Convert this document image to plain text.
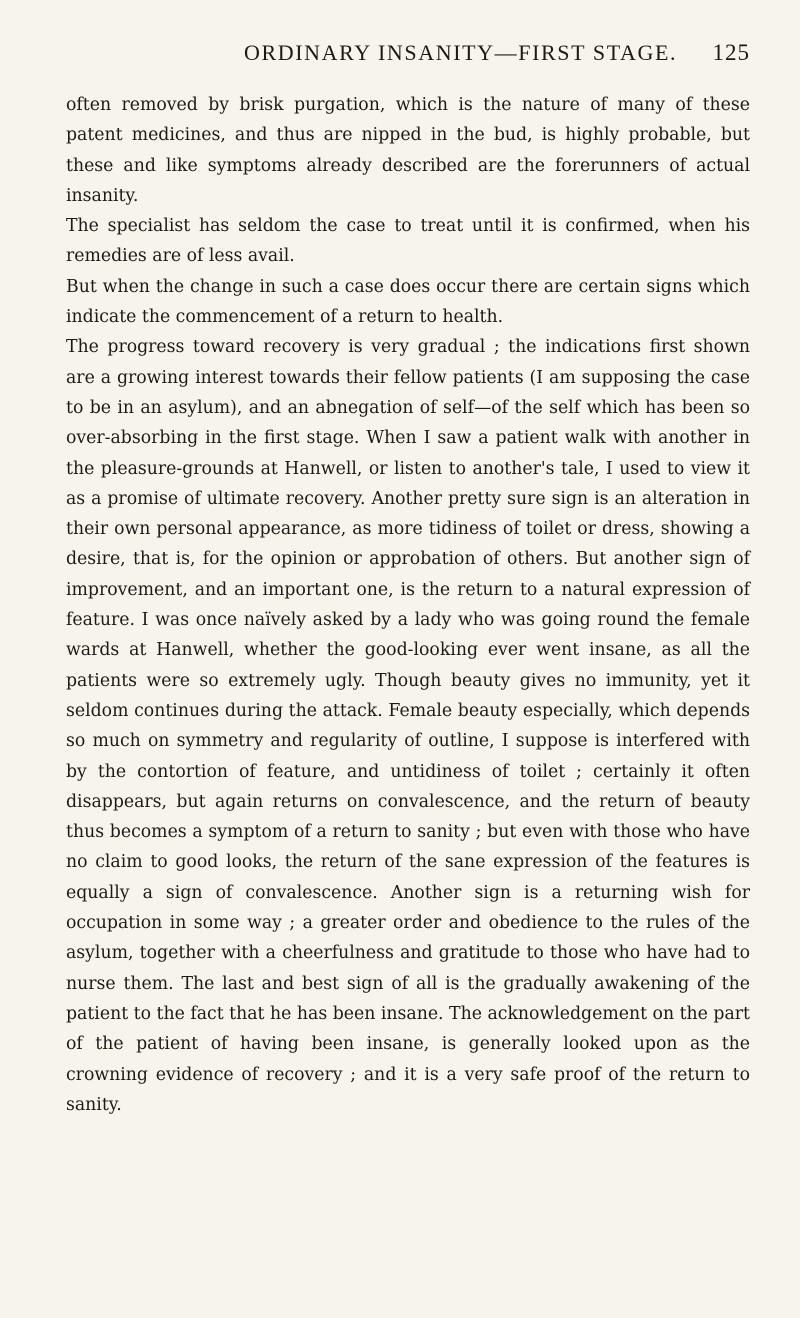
ORDINARY INSANITY—FIRST STAGE. 125

often removed by brisk purgation, which is the nature of many of these patent medicines, and thus are nipped in the bud, is highly probable, but these and like symptoms already described are the forerunners of actual insanity.

The specialist has seldom the case to treat until it is confirmed, when his remedies are of less avail.

But when the change in such a case does occur there are certain signs which indicate the commencement of a return to health.

The progress toward recovery is very gradual ; the indications first shown are a growing interest towards their fellow patients (I am supposing the case to be in an asylum), and an abnegation of self—of the self which has been so over-absorbing in the first stage. When I saw a patient walk with another in the pleasure-grounds at Hanwell, or listen to another's tale, I used to view it as a promise of ultimate recovery. Another pretty sure sign is an alteration in their own personal appearance, as more tidiness of toilet or dress, showing a desire, that is, for the opinion or approbation of others. But another sign of improvement, and an important one, is the return to a natural expression of feature. I was once naïvely asked by a lady who was going round the female wards at Hanwell, whether the good-looking ever went insane, as all the patients were so extremely ugly. Though beauty gives no immunity, yet it seldom continues during the attack. Female beauty especially, which depends so much on symmetry and regularity of outline, I suppose is interfered with by the contortion of feature, and untidiness of toilet ; certainly it often disappears, but again returns on convalescence, and the return of beauty thus becomes a symptom of a return to sanity ; but even with those who have no claim to good looks, the return of the sane expression of the features is equally a sign of convalescence. Another sign is a returning wish for occupation in some way ; a greater order and obedience to the rules of the asylum, together with a cheerfulness and gratitude to those who have had to nurse them. The last and best sign of all is the gradually awakening of the patient to the fact that he has been insane. The acknowledgement on the part of the patient of having been insane, is generally looked upon as the crowning evidence of recovery ; and it is a very safe proof of the return to sanity.
